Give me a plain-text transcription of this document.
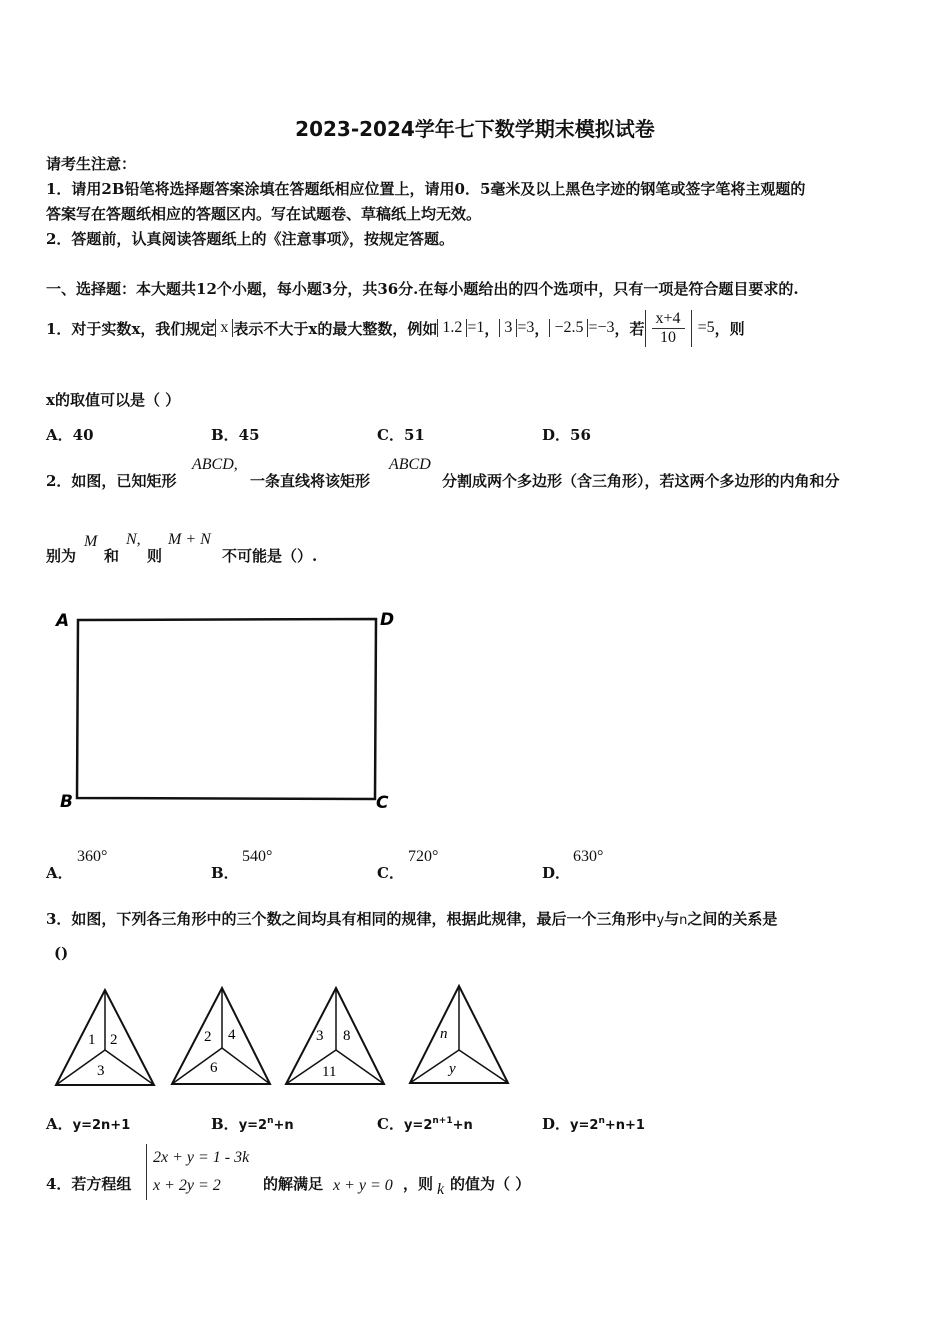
2023-2024学年七下数学期末模拟试卷
请考生注意：
1．请用2B铅笔将选择题答案涂填在答题纸相应位置上，请用0．5毫米及以上黑色字迹的钢笔或签字笔将主观题的
答案写在答题纸相应的答题区内。写在试题卷、草稿纸上均无效。
2．答题前，认真阅读答题纸上的《注意事项》，按规定答题。
一、选择题：本大题共12个小题，每小题3分，共36分.在每小题给出的四个选项中，只有一项是符合题目要求的.
1．对于实数x，我们规定 x 表示不大于x的最大整数，例如 1.2 =1 ， 3 =3 ， −2.5 =−3 ，若 $\frac{x+4}{10} =5$ ，则
x的取值可以是（ ）
A．40	B．45	C．51	D．56
2．如图，已知矩形
ABCD,
一条直线将该矩形
ABCD
分割成两个多边形（含三角形），若这两个多边形的内角和分
别为
M
和
N,
则
M + N
不可能是（）.
A	D
B	C
A．
360°
B．
540°
C．
720°
D．
630°
3．如图，下列各三角形中的三个数之间均具有相同的规律，根据此规律，最后一个三角形中y与n之间的关系是
()
1 2
3
2 4
6
3 8
11
n
y
A．y=2n+1	B．$y=2^n+n$	C．$y=2^{n+1}+n$	D．$y=2^n+n+1$
4．若方程组
2x + y = 1 - 3k
x + 2y = 2	的解满足 x + y = 0 ，则 k 的值为（ ）
